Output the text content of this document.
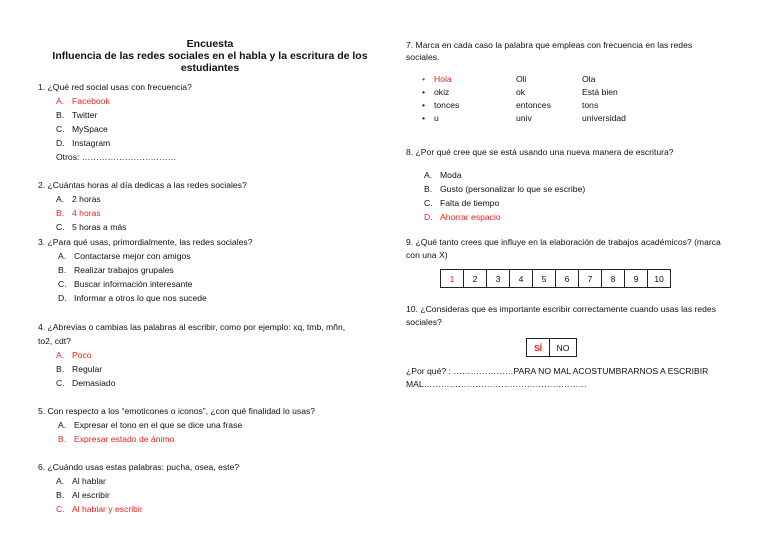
Encuesta
Influencia de las redes sociales en el habla y la escritura de los
estudiantes
1. ¿Qué red social usas con frecuencia?
A. Facebook
B. Twitter
C. MySpace
D. Instagram
Otros: ……………………………
2. ¿Cuántas horas al día dedicas a las redes sociales?
A. 2 horas
B. 4 horas
C. 5 horas a más
3. ¿Para qué usas, primordialmente, las redes sociales?
A. Contactarse mejor con amigos
B. Realizar trabajos grupales
C. Buscar información interesante
D. Informar a otros lo que nos sucede
4. ¿Abrevias o cambias las palabras al escribir, como por ejemplo: xq, tmb, mñn,
to2, cdt?
A. Poco
B. Regular
C. Demasiado
5. Con respecto a los “emoticones o iconos”, ¿con qué finalidad lo usas?
A. Expresar el tono en el que se dice una frase
B. Expresar estado de ánimo
6. ¿Cuándo usas estas palabras: pucha, osea, este?
A. Al hablar
B. Al escribir
C. Al hablar y escribir
7. Marca en cada caso la palabra que empleas con frecuencia en las redes
sociales.
• Hola	Oli	Ola
• okiz	ok	Está bien
• tonces	entonces	tons
• u	univ	universidad
8. ¿Por qué cree que se está usando una nueva manera de escritura?
A. Moda
B. Gusto (personalizar lo que se escribe)
C. Falta de tiempo
D. Ahorrar espacio
9. ¿Qué tanto crees que influye en la elaboración de trabajos académicos? (marca
con una X)
1	2	3	4	5	6	7	8	9	10
10. ¿Consideras que es importante escribir correctamente cuando usas las redes
sociales?
SÍ	NO
¿Por qué? : …………………PARA NO MAL ACOSTUMBRARNOS A ESCRIBIR
MAL…………………………………………………
